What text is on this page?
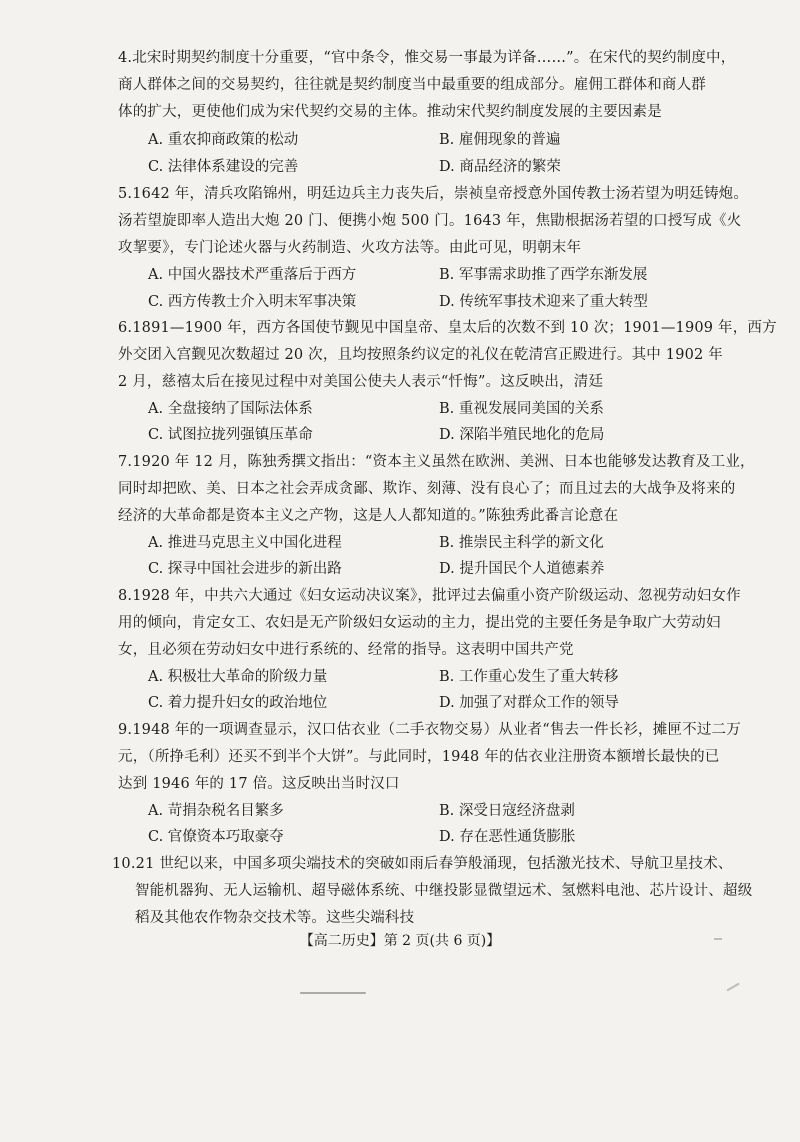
4.北宋时期契约制度十分重要，“官中条令，惟交易一事最为详备……”。在宋代的契约制度中，
商人群体之间的交易契约，往往就是契约制度当中最重要的组成部分。雇佣工群体和商人群
体的扩大，更使他们成为宋代契约交易的主体。推动宋代契约制度发展的主要因素是
A. 重农抑商政策的松动	B. 雇佣现象的普遍
C. 法律体系建设的完善	D. 商品经济的繁荣
5.1642 年，清兵攻陷锦州，明廷边兵主力丧失后，崇祯皇帝授意外国传教士汤若望为明廷铸炮。
汤若望旋即率人造出大炮 20 门、便携小炮 500 门。1643 年，焦勖根据汤若望的口授写成《火
攻挈要》，专门论述火器与火药制造、火攻方法等。由此可见，明朝末年
A. 中国火器技术严重落后于西方	B. 军事需求助推了西学东渐发展
C. 西方传教士介入明末军事决策	D. 传统军事技术迎来了重大转型
6.1891—1900 年，西方各国使节觐见中国皇帝、皇太后的次数不到 10 次；1901—1909 年，西方
外交团入宫觐见次数超过 20 次，且均按照条约议定的礼仪在乾清宫正殿进行。其中 1902 年
2 月，慈禧太后在接见过程中对美国公使夫人表示“忏悔”。这反映出，清廷
A. 全盘接纳了国际法体系	B. 重视发展同美国的关系
C. 试图拉拢列强镇压革命	D. 深陷半殖民地化的危局
7.1920 年 12 月，陈独秀撰文指出：“资本主义虽然在欧洲、美洲、日本也能够发达教育及工业，
同时却把欧、美、日本之社会弄成贪鄙、欺诈、刻薄、没有良心了；而且过去的大战争及将来的
经济的大革命都是资本主义之产物，这是人人都知道的。”陈独秀此番言论意在
A. 推进马克思主义中国化进程	B. 推崇民主科学的新文化
C. 探寻中国社会进步的新出路	D. 提升国民个人道德素养
8.1928 年，中共六大通过《妇女运动决议案》，批评过去偏重小资产阶级运动、忽视劳动妇女作
用的倾向，肯定女工、农妇是无产阶级妇女运动的主力，提出党的主要任务是争取广大劳动妇
女，且必须在劳动妇女中进行系统的、经常的指导。这表明中国共产党
A. 积极壮大革命的阶级力量	B. 工作重心发生了重大转移
C. 着力提升妇女的政治地位	D. 加强了对群众工作的领导
9.1948 年的一项调查显示，汉口估衣业（二手衣物交易）从业者“售去一件长衫，摊匣不过二万
元，（所挣毛利）还买不到半个大饼”。与此同时，1948 年的估衣业注册资本额增长最快的已
达到 1946 年的 17 倍。这反映出当时汉口
A. 苛捐杂税名目繁多	B. 深受日寇经济盘剥
C. 官僚资本巧取豪夺	D. 存在恶性通货膨胀
10.21 世纪以来，中国多项尖端技术的突破如雨后春笋般涌现，包括激光技术、导航卫星技术、
智能机器狗、无人运输机、超导磁体系统、中继投影显微望远术、氢燃料电池、芯片设计、超级
稻及其他农作物杂交技术等。这些尖端科技
【高二历史】第 2 页(共 6 页)】
